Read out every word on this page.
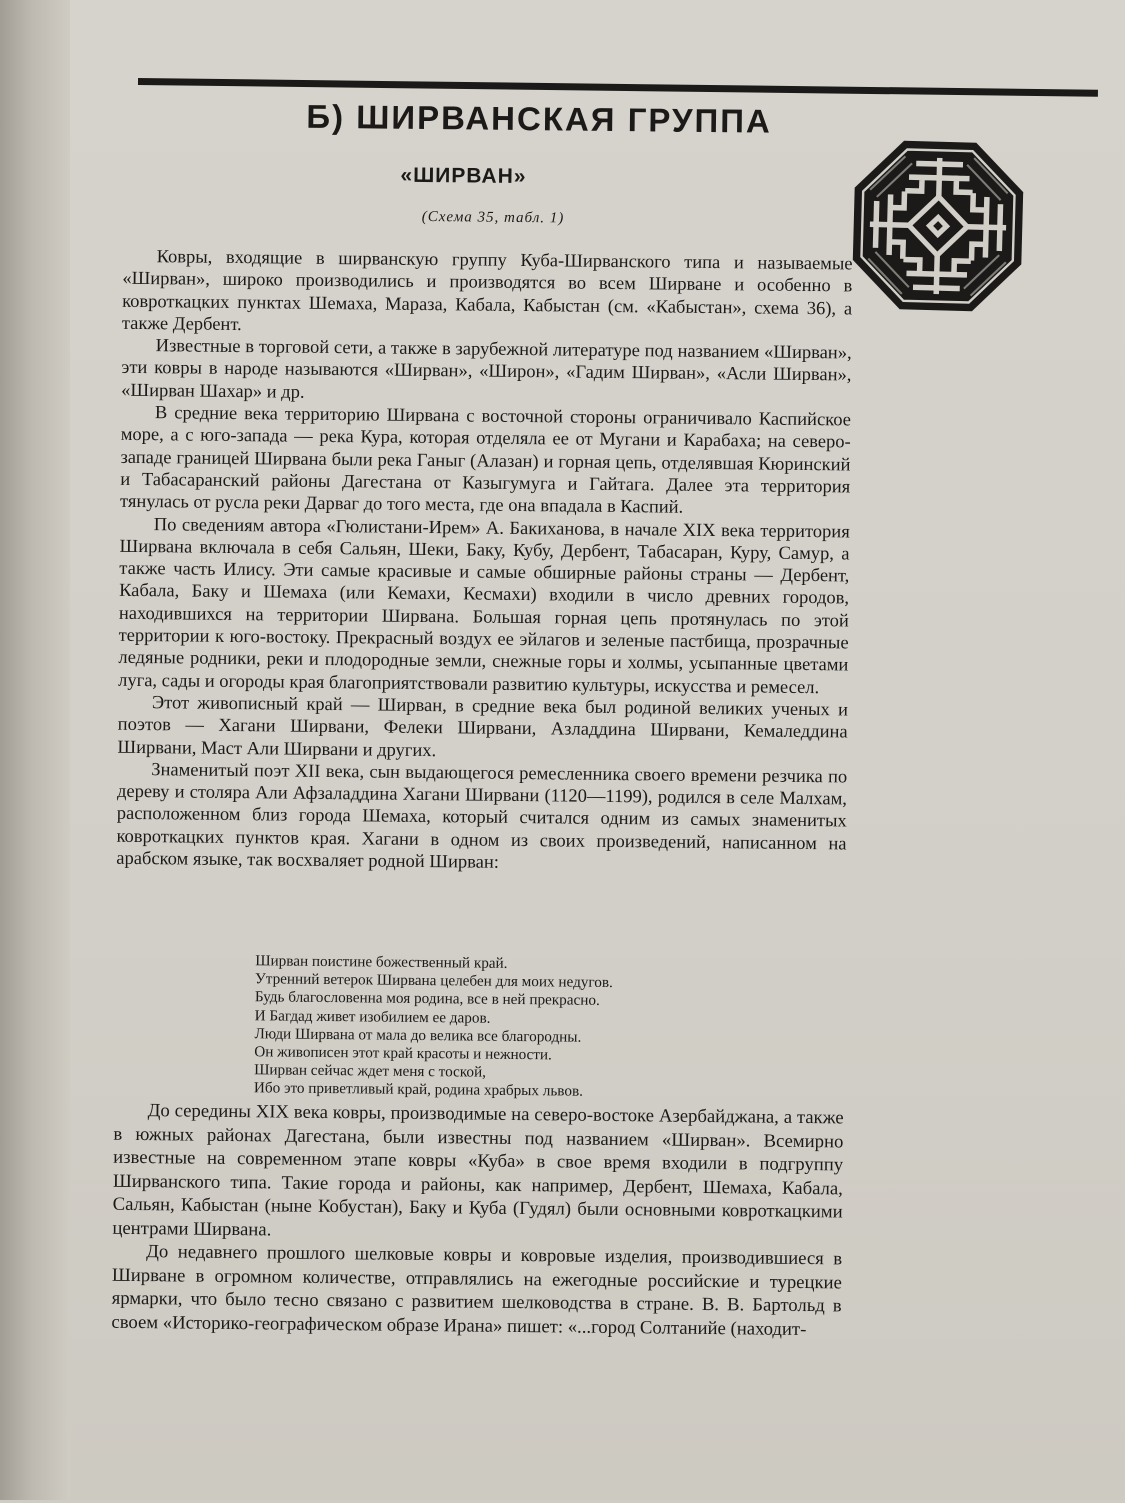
Б) ШИРВАНСКАЯ ГРУППА
«ШИРВАН»
(Схема 35, табл. 1)

Ковры, входящие в ширванскую группу Куба-Ширванского типа и называемые «Ширван», широко производились и производятся во всем Ширване и особенно в ковроткацких пунктах Шемаха, Мараза, Кабала, Кабыстан (см. «Кабыстан», схема 36), а также Дербент.

Известные в торговой сети, а также в зарубежной литературе под названием «Ширван», эти ковры в народе называются «Ширван», «Широн», «Гадим Ширван», «Асли Ширван», «Ширван Шахар» и др.

В средние века территорию Ширвана с восточной стороны ограничивало Каспийское море, а с юго-запада — река Кура, которая отделяла ее от Мугани и Карабаха; на северо-западе границей Ширвана были река Ганыг (Алазан) и горная цепь, отделявшая Кюринский и Табасаранский районы Дагестана от Казыгумуга и Гайтага. Далее эта территория тянулась от русла реки Дарваг до того места, где она впадала в Каспий.

По сведениям автора «Гюлистани-Ирем» А. Бакиханова, в начале XIX века территория Ширвана включала в себя Сальян, Шеки, Баку, Кубу, Дербент, Табасаран, Куру, Самур, а также часть Илису. Эти самые красивые и самые обширные районы страны — Дербент, Кабала, Баку и Шемаха (или Кемахи, Кесмахи) входили в число древних городов, находившихся на территории Ширвана. Большая горная цепь протянулась по этой территории к юго-востоку. Прекрасный воздух ее эйлагов и зеленые пастбища, прозрачные ледяные родники, реки и плодородные земли, снежные горы и холмы, усыпанные цветами луга, сады и огороды края благоприятствовали развитию культуры, искусства и ремесел.

Этот живописный край — Ширван, в средние века был родиной великих ученых и поэтов — Хагани Ширвани, Фелеки Ширвани, Азладдина Ширвани, Кемаледдина Ширвани, Маст Али Ширвани и других.

Знаменитый поэт XII века, сын выдающегося ремесленника своего времени резчика по дереву и столяра Али Афзаладдина Хагани Ширвани (1120—1199), родился в селе Малхам, расположенном близ города Шемаха, который считался одним из самых знаменитых ковроткацких пунктов края. Хагани в одном из своих произведений, написанном на арабском языке, так восхваляет родной Ширван:

Ширван поистине божественный край.
Утренний ветерок Ширвана целебен для моих недугов.
Будь благословенна моя родина, все в ней прекрасно.
И Багдад живет изобилием ее даров.
Люди Ширвана от мала до велика все благородны.
Он живописен этот край красоты и нежности.
Ширван сейчас ждет меня с тоской,
Ибо это приветливый край, родина храбрых львов.

До середины XIX века ковры, производимые на северо-востоке Азербайджана, а также в южных районах Дагестана, были известны под названием «Ширван». Всемирно известные на современном этапе ковры «Куба» в свое время входили в подгруппу Ширванского типа. Такие города и районы, как например, Дербент, Шемаха, Кабала, Сальян, Кабыстан (ныне Кобустан), Баку и Куба (Гудял) были основными ковроткацкими центрами Ширвана.

До недавнего прошлого шелковые ковры и ковровые изделия, производившиеся в Ширване в огромном количестве, отправлялись на ежегодные российские и турецкие ярмарки, что было тесно связано с развитием шелководства в стране. В. В. Бартольд в своем «Историко-географическом образе Ирана» пишет: «...город Солтанийе (находит-
